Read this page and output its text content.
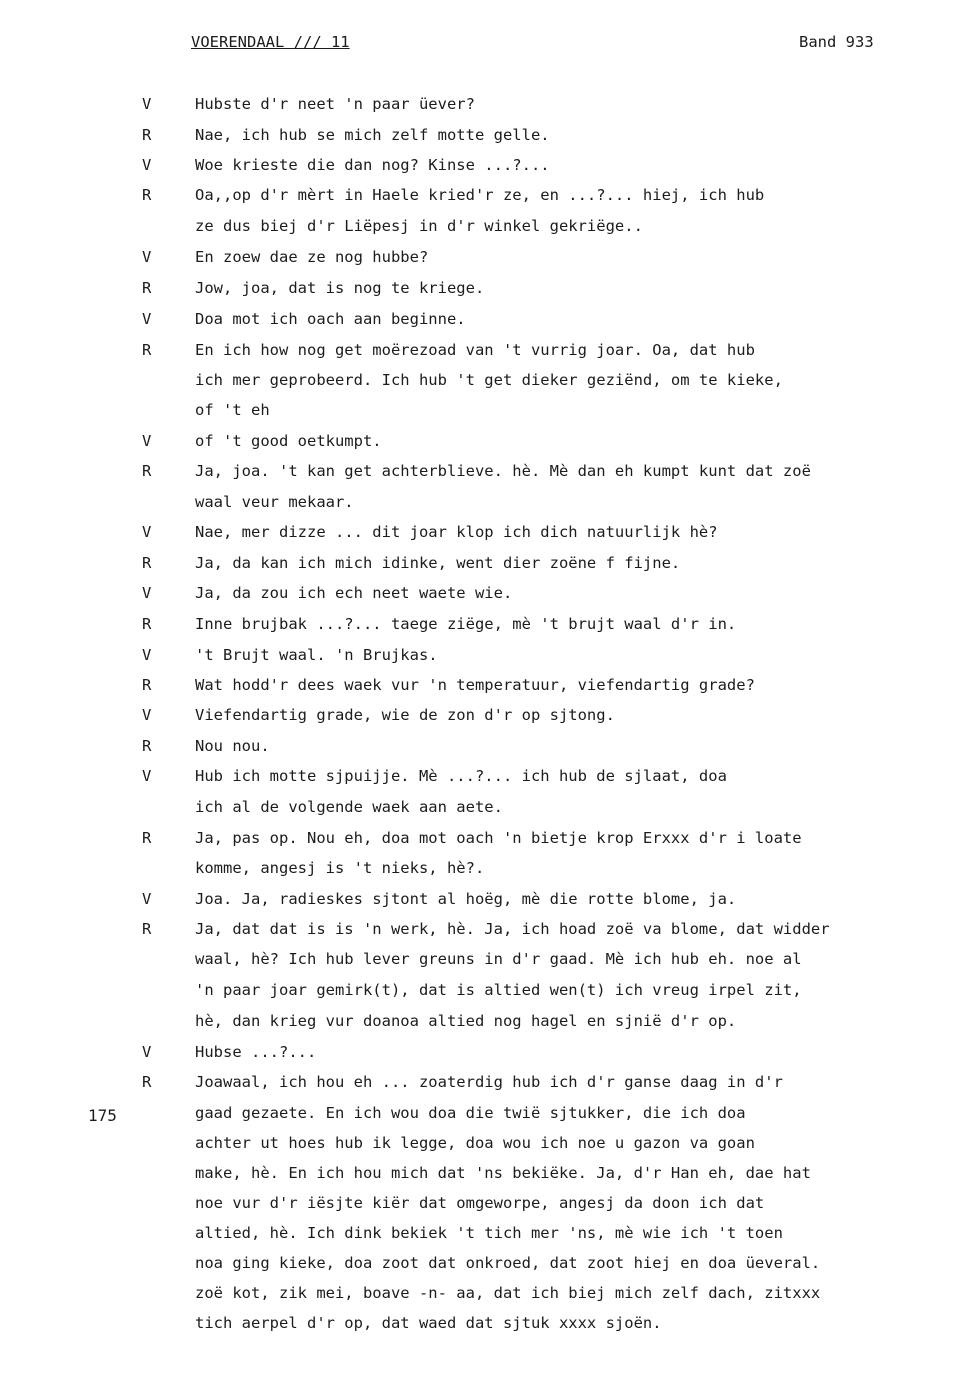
VOERENDAAL /// 11	Band 933
175
V	Hubste d'r neet 'n paar üever?
R	Nae, ich hub se mich zelf motte gelle.
V	Woe krieste die dan nog? Kinse ...?...
R	Oa,,op d'r mèrt in Haele kried'r ze, en ...?... hiej, ich hub
ze dus biej d'r Liëpesj in d'r winkel gekriëge..
V	En zoew dae ze nog hubbe?
R	Jow, joa, dat is nog te kriege.
V	Doa mot ich oach aan beginne.
R	En ich how nog get moërezoad van 't vurrig joar. Oa, dat hub
ich mer geprobeerd. Ich hub 't get dieker geziënd, om te kieke,
of 't eh
V	of 't good oetkumpt.
R	Ja, joa. 't kan get achterblieve. hè. Mè dan eh kumpt kunt dat zoë
waal veur mekaar.
V	Nae, mer dizze ... dit joar klop ich dich natuurlijk hè?
R	Ja, da kan ich mich idinke, went dier zoëne f fijne.
V	Ja, da zou ich ech neet waete wie.
R	Inne brujbak ...?... taege ziëge, mè 't brujt waal d'r in.
V	't Brujt waal. 'n Brujkas.
R	Wat hodd'r dees waek vur 'n temperatuur, viefendartig grade?
V	Viefendartig grade, wie de zon d'r op sjtong.
R	Nou nou.
V	Hub ich motte sjpuijje. Mè ...?... ich hub de sjlaat, doa
ich al de volgende waek aan aete.
R	Ja, pas op. Nou eh, doa mot oach 'n bietje krop Erxxx d'r i loate
komme, angesj is 't nieks, hè?.
V	Joa. Ja, radieskes sjtont al hoëg, mè die rotte blome, ja.
R	Ja, dat dat is is 'n werk, hè. Ja, ich hoad zoë va blome, dat widder
waal, hè? Ich hub lever greuns in d'r gaad. Mè ich hub eh. noe al
'n paar joar gemirk(t), dat is altied wen(t) ich vreug irpel zit,
hè, dan krieg vur doanoa altied nog hagel en sjnië d'r op.
V	Hubse ...?...
R	Joawaal, ich hou eh ... zoaterdig hub ich d'r ganse daag in d'r
gaad gezaete. En ich wou doa die twië sjtukker, die ich doa
achter ut hoes hub ik legge, doa wou ich noe u gazon va goan
make, hè. En ich hou mich dat 'ns bekiëke. Ja, d'r Han eh, dae hat
noe vur d'r iësjte kiër dat omgeworpe, angesj da doon ich dat
altied, hè. Ich dink bekiek 't tich mer 'ns, mè wie ich 't toen
noa ging kieke, doa zoot dat onkroed, dat zoot hiej en doa üeveral.
zoë kot, zik mei, boave -n- aa, dat ich biej mich zelf dach, zitxxx
tich aerpel d'r op, dat waed dat sjtuk xxxx sjoën.
